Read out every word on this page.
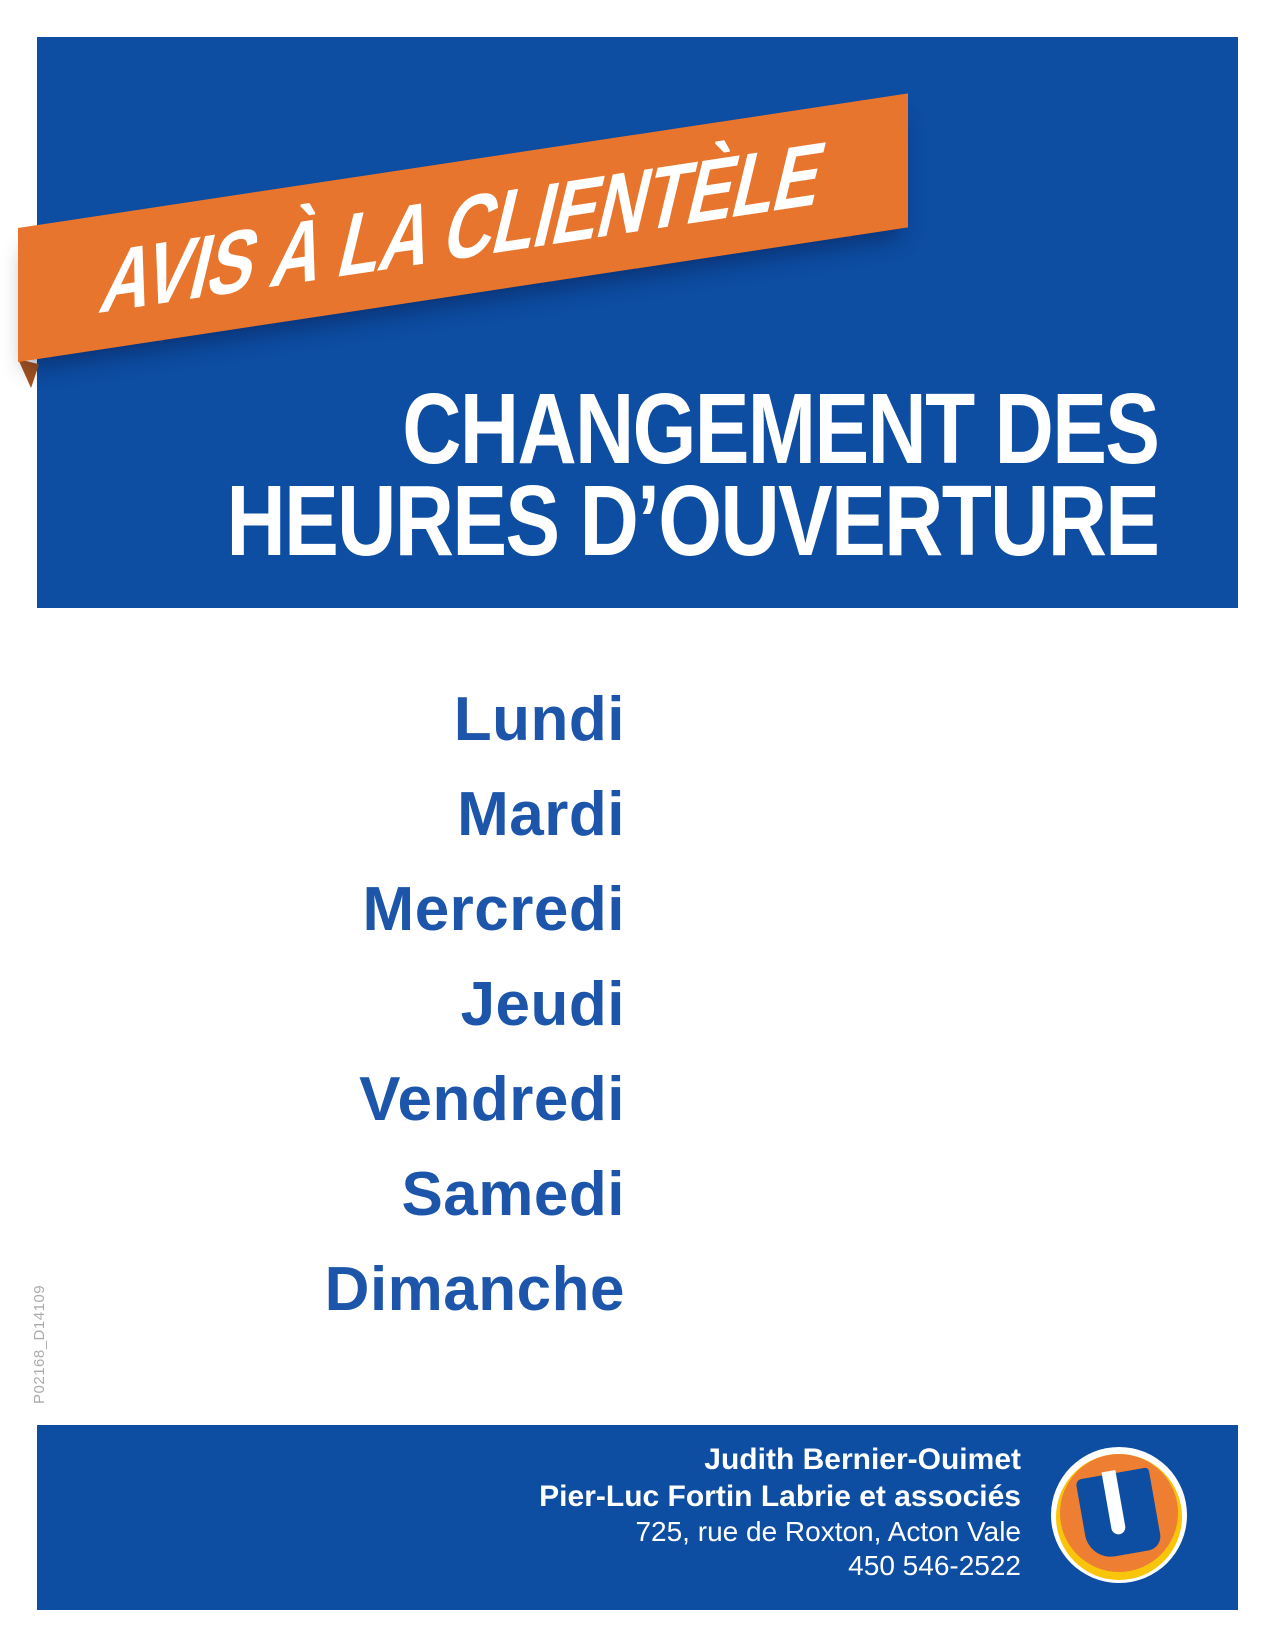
AVIS À LA CLIENTÈLE
CHANGEMENT DES
HEURES D’OUVERTURE
Lundi
Mardi
Mercredi
Jeudi
Vendredi
Samedi
Dimanche
P02168_D14109
Judith Bernier-Ouimet
Pier-Luc Fortin Labrie et associés
725, rue de Roxton, Acton Vale
450 546-2522
